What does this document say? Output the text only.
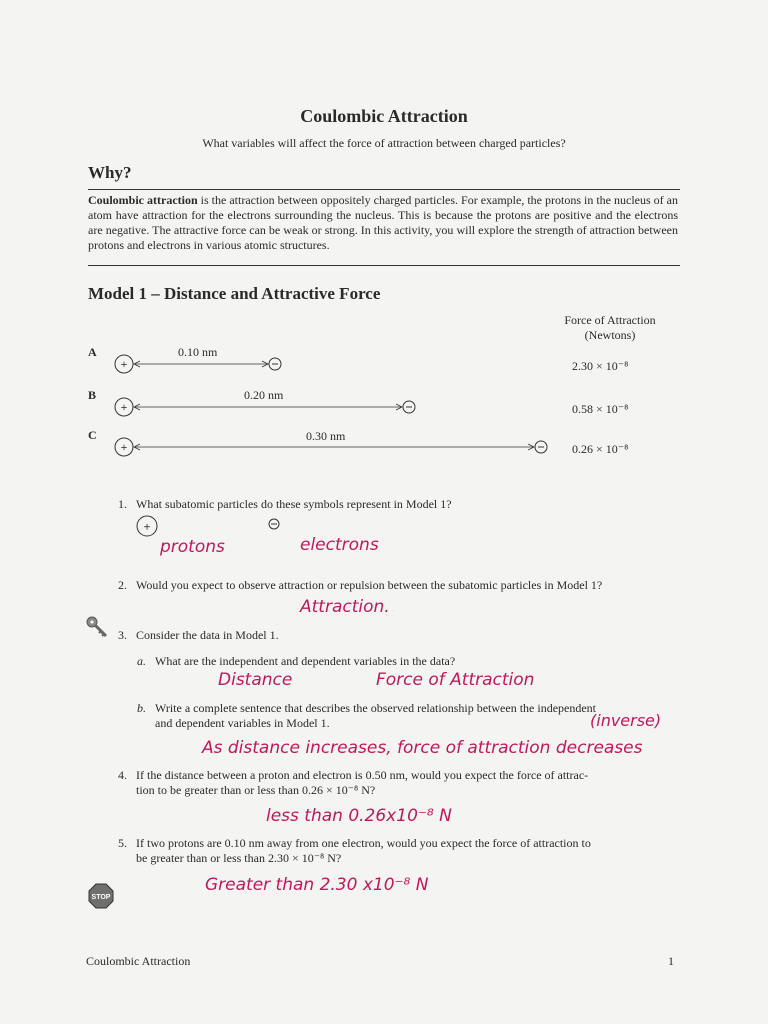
Coulombic Attraction
What variables will affect the force of attraction between charged particles?
Why?
Coulombic attraction is the attraction between oppositely charged particles. For example, the protons in the nucleus of an atom have attraction for the electrons surrounding the nucleus. This is because the protons are positive and the electrons are negative. The attractive force can be weak or strong. In this activity, you will explore the strength of attraction between protons and electrons in various atomic structures.
Model 1 – Distance and Attractive Force
Force of Attraction
(Newtons)
+
+
+
A	0.10 nm
2.30 × 10⁻⁸
B	0.20 nm
0.58 × 10⁻⁸
C	0.30 nm
0.26 × 10⁻⁸
1. What subatomic particles do these symbols represent in Model 1?
+
protons	electrons
2. Would you expect to observe attraction or repulsion between the subatomic particles in Model 1?
Attraction.
3. Consider the data in Model 1.
a. What are the independent and dependent variables in the data?
Distance	Force of Attraction
b. Write a complete sentence that describes the observed relationship between the independent
and dependent variables in Model 1.	(inverse)
As distance increases, force of attraction decreases
4. If the distance between a proton and electron is 0.50 nm, would you expect the force of attrac-
tion to be greater than or less than 0.26 × 10⁻⁸ N?
less than 0.26x10⁻⁸ N
5. If two protons are 0.10 nm away from one electron, would you expect the force of attraction to
be greater than or less than 2.30 × 10⁻⁸ N?
Greater than 2.30 x10⁻⁸ N
STOP
Coulombic Attraction	1
